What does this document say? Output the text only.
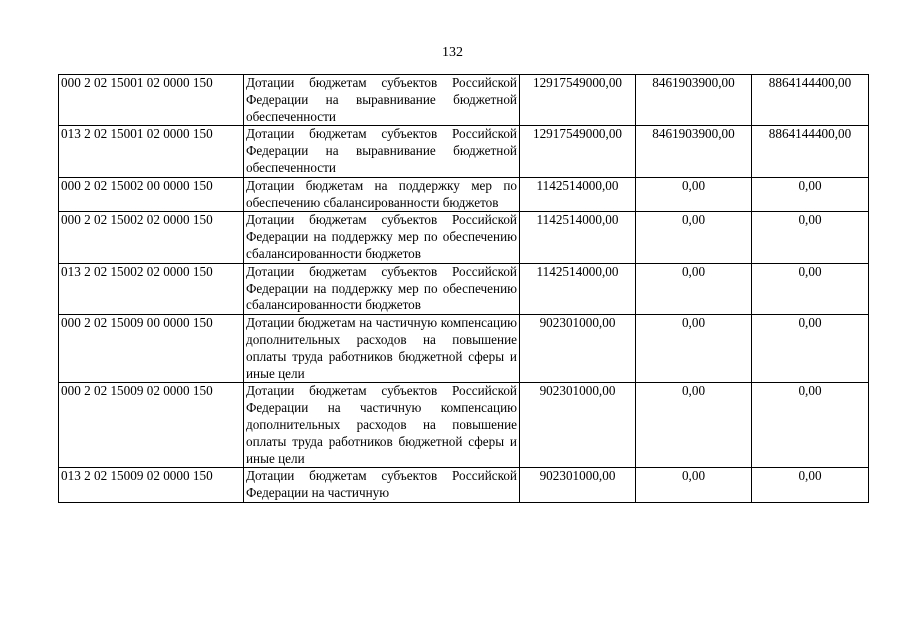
132
000 2 02 15001 02 0000 150	Дотации бюджетам субъектов Российской Федерации на выравнивание бюджетной обеспеченности	12917549000,00	8461903900,00	8864144400,00
013 2 02 15001 02 0000 150	Дотации бюджетам субъектов Российской Федерации на выравнивание бюджетной обеспеченности	12917549000,00	8461903900,00	8864144400,00
000 2 02 15002 00 0000 150	Дотации бюджетам на поддержку мер по обеспечению сбалансированности бюджетов	1142514000,00	0,00	0,00
000 2 02 15002 02 0000 150	Дотации бюджетам субъектов Российской Федерации на поддержку мер по обеспечению сбалансированности бюджетов	1142514000,00	0,00	0,00
013 2 02 15002 02 0000 150	Дотации бюджетам субъектов Российской Федерации на поддержку мер по обеспечению сбалансированности бюджетов	1142514000,00	0,00	0,00
000 2 02 15009 00 0000 150	Дотации бюджетам на частичную компенсацию дополнительных расходов на повышение оплаты труда работников бюджетной сферы и иные цели	902301000,00	0,00	0,00
000 2 02 15009 02 0000 150	Дотации бюджетам субъектов Российской Федерации на частичную компенсацию дополнительных расходов на повышение оплаты труда работников бюджетной сферы и иные цели	902301000,00	0,00	0,00
013 2 02 15009 02 0000 150	Дотации бюджетам субъектов Российской Федерации на частичную	902301000,00	0,00	0,00
